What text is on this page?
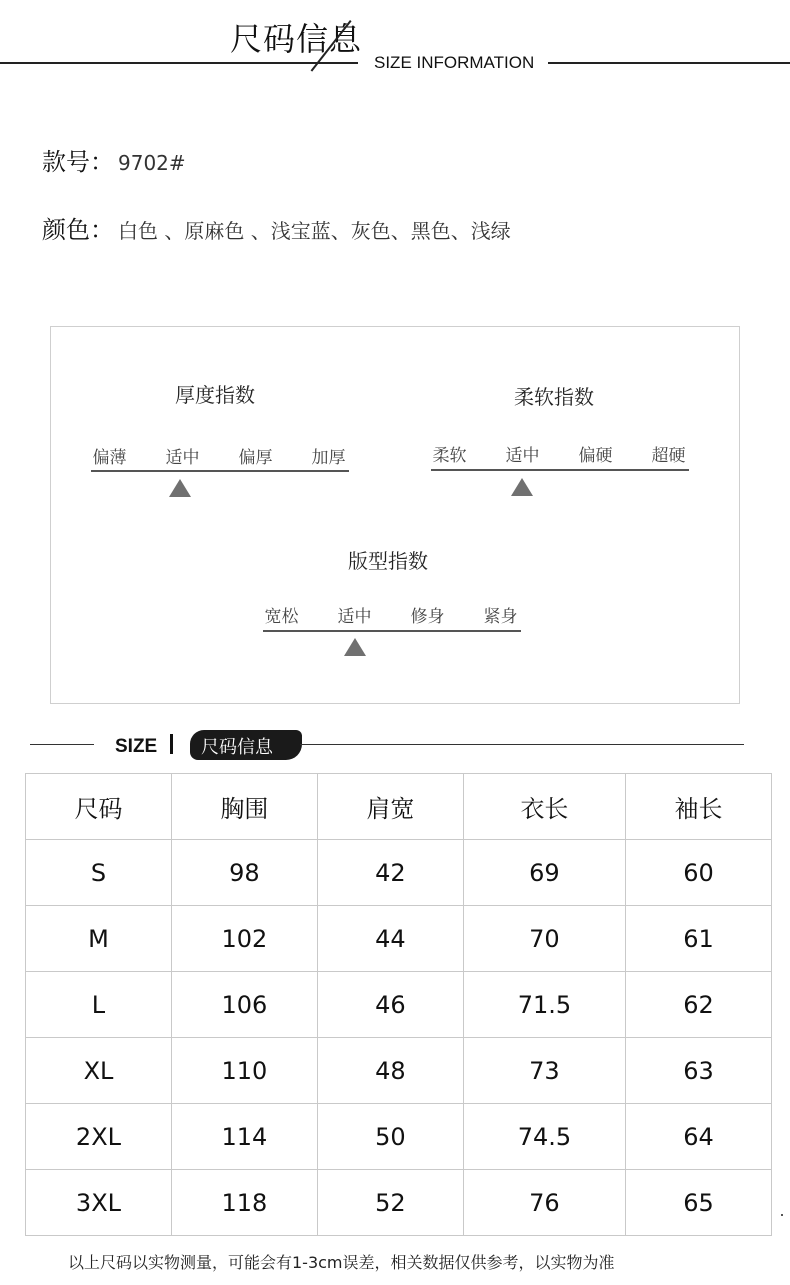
尺码信息
SIZE INFORMATION
款号： 9702#
颜色： 白色 、原麻色 、浅宝蓝、灰色、黑色、浅绿
厚度指数
偏薄 适中 偏厚 加厚
柔软指数
柔软 适中 偏硬 超硬
版型指数
宽松 适中 修身 紧身
SIZE 尺码信息
尺码	胸围	肩宽	衣长	袖长
S	98	42	69	60
M	102	44	70	61
L	106	46	71.5	62
XL	110	48	73	63
2XL	114	50	74.5	64
3XL	118	52	76	65
以上尺码以实物测量，可能会有1-3cm误差，相关数据仅供参考，以实物为准
